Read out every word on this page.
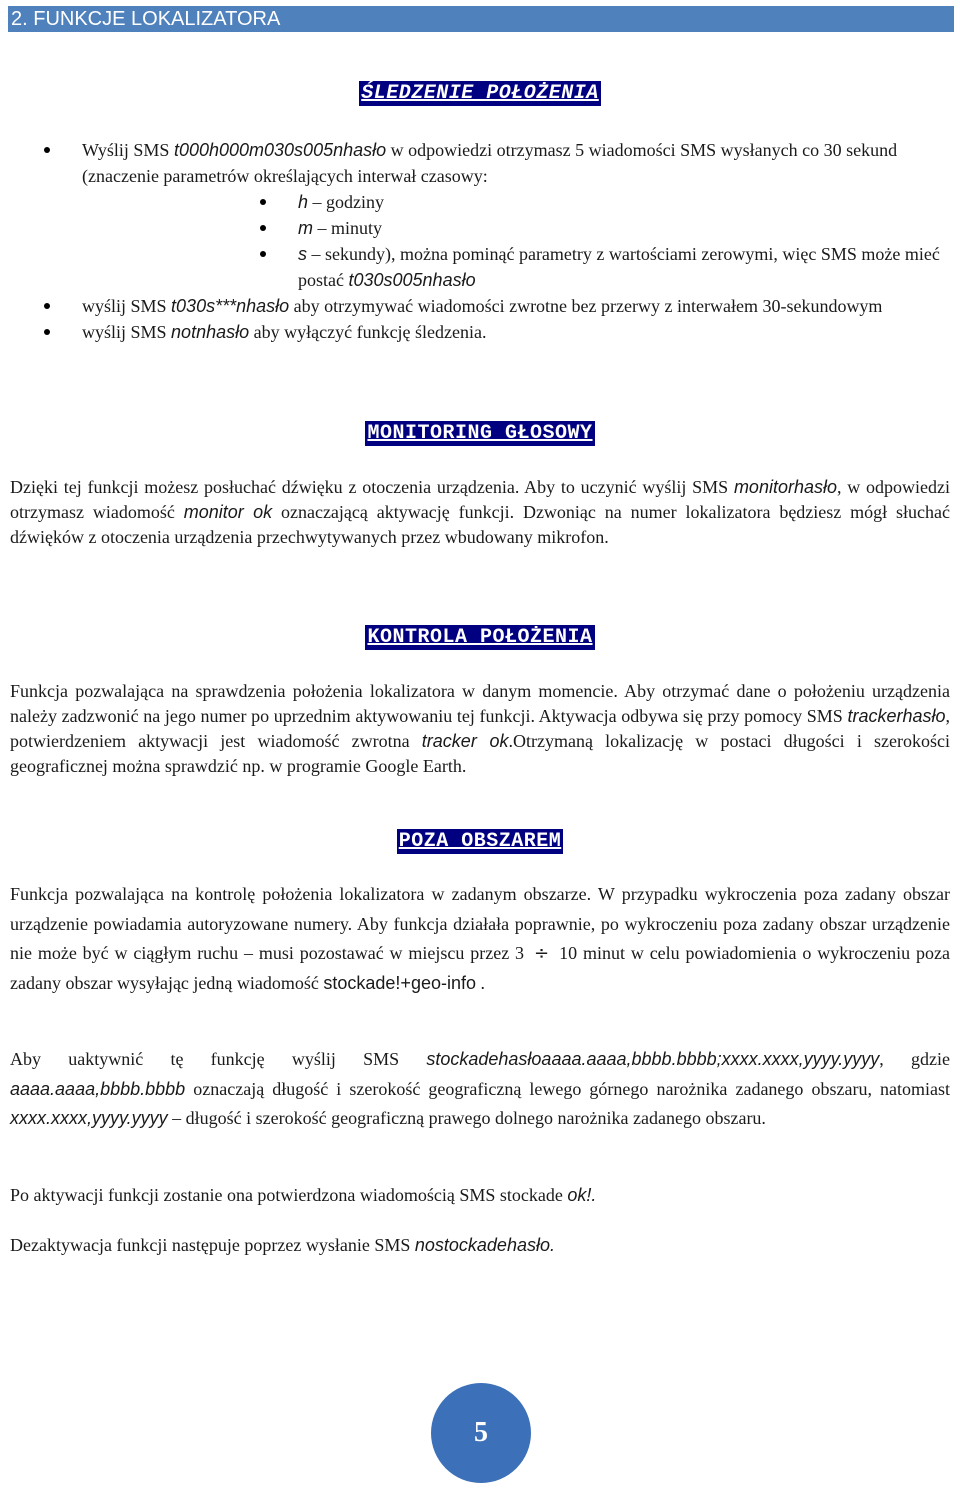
2. FUNKCJE LOKALIZATORA
ŚLEDZENIE POŁOŻENIA

Wyślij SMS t000h000m030s005nhasło w odpowiedzi otrzymasz 5 wiadomości SMS wysłanych co 30 sekund (znaczenie parametrów określających interwał czasowy:

h – godziny

m – minuty

s – sekundy), można pominąć parametry z wartościami zerowymi, więc SMS może mieć postać t030s005nhasło

wyślij SMS t030s***nhasło aby otrzymywać wiadomości zwrotne bez przerwy z interwałem 30-sekundowym

wyślij SMS notnhasło aby wyłączyć funkcję śledzenia.

MONITORING GŁOSOWY
Dzięki tej funkcji możesz posłuchać dźwięku z otoczenia urządzenia. Aby to uczynić wyślij SMS monitorhasło, w odpowiedzi otrzymasz wiadomość monitor ok oznaczającą aktywację funkcji. Dzwoniąc na numer lokalizatora będziesz mógł słuchać dźwięków z otoczenia urządzenia przechwytywanych przez wbudowany mikrofon.
KONTROLA POŁOŻENIA
Funkcja pozwalająca na sprawdzenia położenia lokalizatora w danym momencie. Aby otrzymać dane o położeniu urządzenia należy zadzwonić na jego numer po uprzednim aktywowaniu tej funkcji. Aktywacja odbywa się przy pomocy SMS trackerhasło, potwierdzeniem aktywacji jest wiadomość zwrotna tracker ok.Otrzymaną lokalizację w postaci długości i szerokości geograficznej można sprawdzić np. w programie Google Earth.
POZA OBSZAREM
Funkcja pozwalająca na kontrolę położenia lokalizatora w zadanym obszarze. W przypadku wykroczenia poza zadany obszar urządzenie powiadamia autoryzowane numery. Aby funkcja działała poprawnie, po wykroczeniu poza zadany obszar urządzenie nie może być w ciągłym ruchu – musi pozostawać w miejscu przez 3 ÷ 10 minut w celu powiadomienia o wykroczeniu poza zadany obszar wysyłając jedną wiadomość stockade!+geo-info .
Aby uaktywnić tę funkcję wyślij SMS stockadehasłoaaaa.aaaa,bbbb.bbbb;xxxx.xxxx,yyyy.yyyy, gdzie aaaa.aaaa,bbbb.bbbb oznaczają długość i szerokość geograficzną lewego górnego narożnika zadanego obszaru, natomiast xxxx.xxxx,yyyy.yyyy – długość i szerokość geograficzną prawego dolnego narożnika zadanego obszaru.
Po aktywacji funkcji zostanie ona potwierdzona wiadomością SMS stockade ok!.
Dezaktywacja funkcji następuje poprzez wysłanie SMS nostockadehasło.
5
